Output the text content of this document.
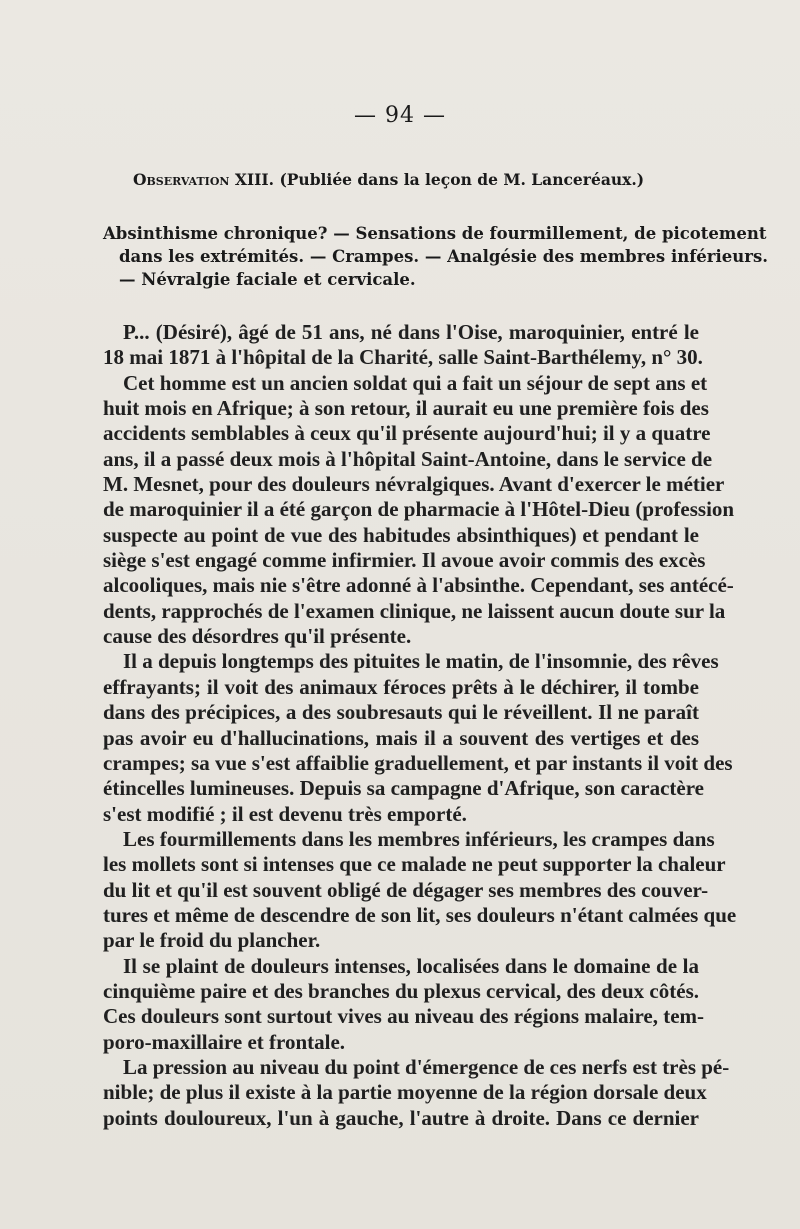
— 94 —
Observation XIII. (Publiée dans la leçon de M. Lanceréaux.)
Absinthisme chronique? — Sensations de fourmillement, de picotement
dans les extrémités. — Crampes. — Analgésie des membres inférieurs.
— Névralgie faciale et cervicale.
P... (Désiré), âgé de 51 ans, né dans l'Oise, maroquinier, entré le
18 mai 1871 à l'hôpital de la Charité, salle Saint-Barthélemy, n° 30.
Cet homme est un ancien soldat qui a fait un séjour de sept ans et
huit mois en Afrique; à son retour, il aurait eu une première fois des
accidents semblables à ceux qu'il présente aujourd'hui; il y a quatre
ans, il a passé deux mois à l'hôpital Saint-Antoine, dans le service de
M. Mesnet, pour des douleurs névralgiques. Avant d'exercer le métier
de maroquinier il a été garçon de pharmacie à l'Hôtel-Dieu (profession
suspecte au point de vue des habitudes absinthiques) et pendant le
siège s'est engagé comme infirmier. Il avoue avoir commis des excès
alcooliques, mais nie s'être adonné à l'absinthe. Cependant, ses antécé-
dents, rapprochés de l'examen clinique, ne laissent aucun doute sur la
cause des désordres qu'il présente.
Il a depuis longtemps des pituites le matin, de l'insomnie, des rêves
effrayants; il voit des animaux féroces prêts à le déchirer, il tombe
dans des précipices, a des soubresauts qui le réveillent. Il ne paraît
pas avoir eu d'hallucinations, mais il a souvent des vertiges et des
crampes; sa vue s'est affaiblie graduellement, et par instants il voit des
étincelles lumineuses. Depuis sa campagne d'Afrique, son caractère
s'est modifié ; il est devenu très emporté.
Les fourmillements dans les membres inférieurs, les crampes dans
les mollets sont si intenses que ce malade ne peut supporter la chaleur
du lit et qu'il est souvent obligé de dégager ses membres des couver-
tures et même de descendre de son lit, ses douleurs n'étant calmées que
par le froid du plancher.
Il se plaint de douleurs intenses, localisées dans le domaine de la
cinquième paire et des branches du plexus cervical, des deux côtés.
Ces douleurs sont surtout vives au niveau des régions malaire, tem-
poro-maxillaire et frontale.
La pression au niveau du point d'émergence de ces nerfs est très pé-
nible; de plus il existe à la partie moyenne de la région dorsale deux
points douloureux, l'un à gauche, l'autre à droite. Dans ce dernier
